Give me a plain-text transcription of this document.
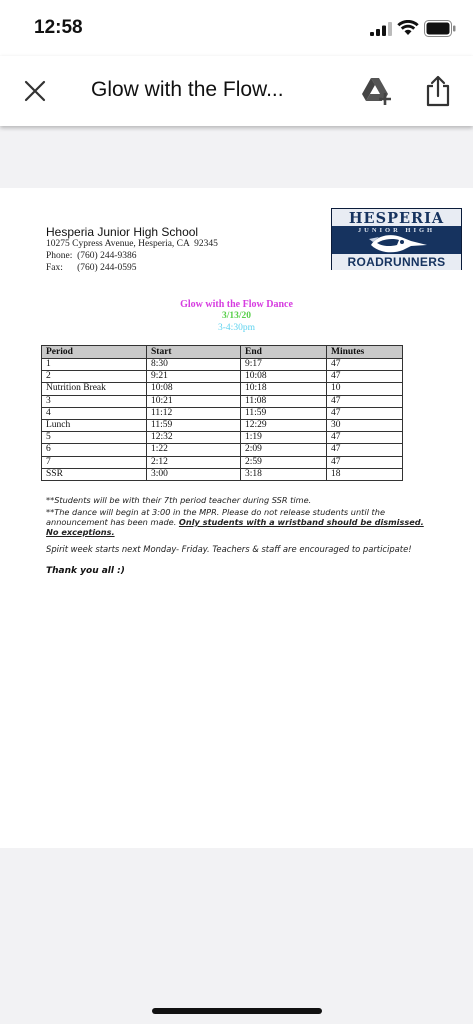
12:58
Glow with the Flow...
HESPERIA
JUNIOR HIGH
ROADRUNNERS
Hesperia Junior High School
10275 Cypress Avenue, Hesperia, CA  92345
Phone:  (760) 244-9386
Fax:      (760) 244-0595
Glow with the Flow Dance
3/13/20
3-4:30pm
Period	Start	End	Minutes
1	8:30	9:17	47
2	9:21	10:08	47
Nutrition Break	10:08	10:18	10
3	10:21	11:08	47
4	11:12	11:59	47
Lunch	11:59	12:29	30
5	12:32	1:19	47
6	1:22	2:09	47
7	2:12	2:59	47
SSR	3:00	3:18	18
**Students will be with their 7th period teacher during SSR time.
**The dance will begin at 3:00 in the MPR. Please do not release students until the announcement has been made. Only students with a wristband should be dismissed. No exceptions.
Spirit week starts next Monday- Friday. Teachers & staff are encouraged to participate!
Thank you all :)
